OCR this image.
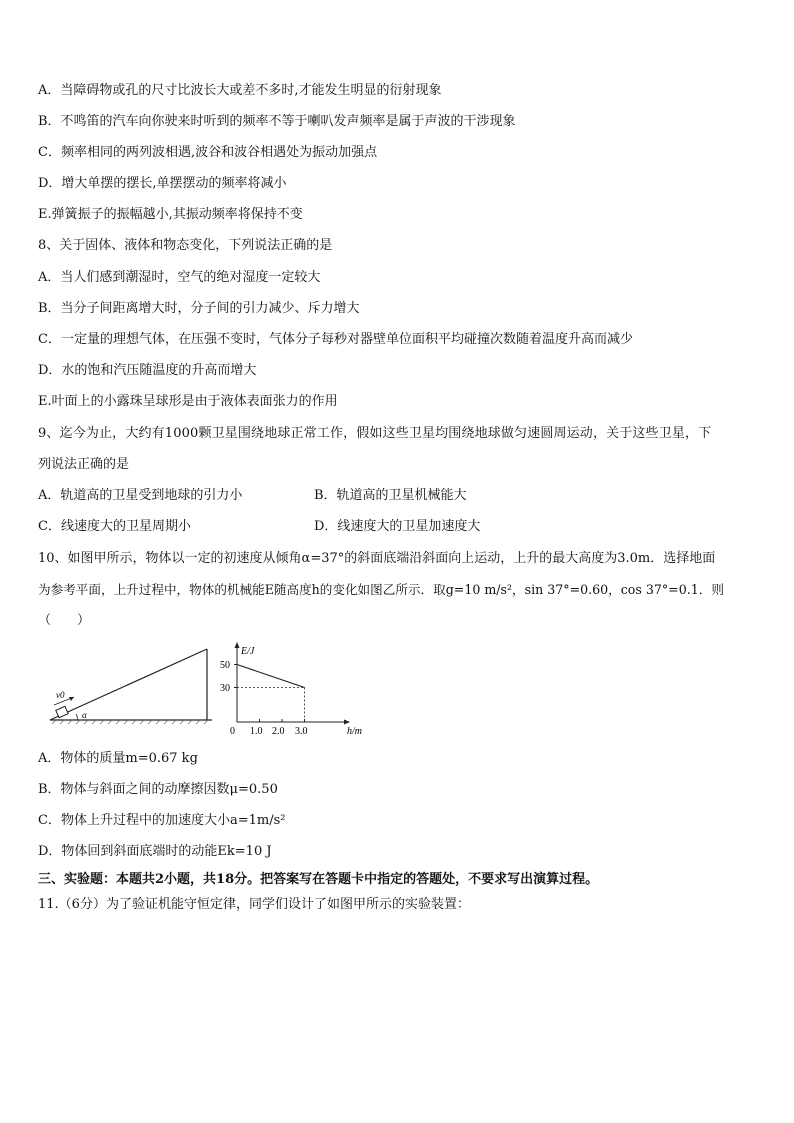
A．当障碍物或孔的尺寸比波长大或差不多时,才能发生明显的衍射现象
B．不鸣笛的汽车向你驶来时听到的频率不等于喇叭发声频率是属于声波的干涉现象
C．频率相同的两列波相遇,波谷和波谷相遇处为振动加强点
D．增大单摆的摆长,单摆摆动的频率将减小
E.弹簧振子的振幅越小,其振动频率将保持不变
8、关于固体、液体和物态变化，下列说法正确的是
A．当人们感到潮湿时，空气的绝对湿度一定较大
B．当分子间距离增大时，分子间的引力减少、斥力增大
C．一定量的理想气体，在压强不变时，气体分子每秒对器壁单位面积平均碰撞次数随着温度升高而减少
D．水的饱和汽压随温度的升高而增大
E.叶面上的小露珠呈球形是由于液体表面张力的作用
9、迄今为止，大约有1000颗卫星围绕地球正常工作，假如这些卫星均围绕地球做匀速圆周运动，关于这些卫星，下
列说法正确的是
A．轨道高的卫星受到地球的引力小	B．轨道高的卫星机械能大
C．线速度大的卫星周期小	D．线速度大的卫星加速度大
10、如图甲所示，物体以一定的初速度从倾角α=37°的斜面底端沿斜面向上运动，上升的最大高度为3.0m．选择地面
为参考平面，上升过程中，物体的机械能E随高度h的变化如图乙所示．取g=10 m/s²，sin 37°=0.60，cos 37°=0.1．则
（　　）
v0
α
E/J
h/m
50
30
0 1.0 2.0 3.0
A．物体的质量m=0.67 kg
B．物体与斜面之间的动摩擦因数μ=0.50
C．物体上升过程中的加速度大小a=1m/s²
D．物体回到斜面底端时的动能Ek=10 J
三、实验题：本题共2小题，共18分。把答案写在答题卡中指定的答题处，不要求写出演算过程。
11.（6分）为了验证机能守恒定律，同学们设计了如图甲所示的实验装置：
